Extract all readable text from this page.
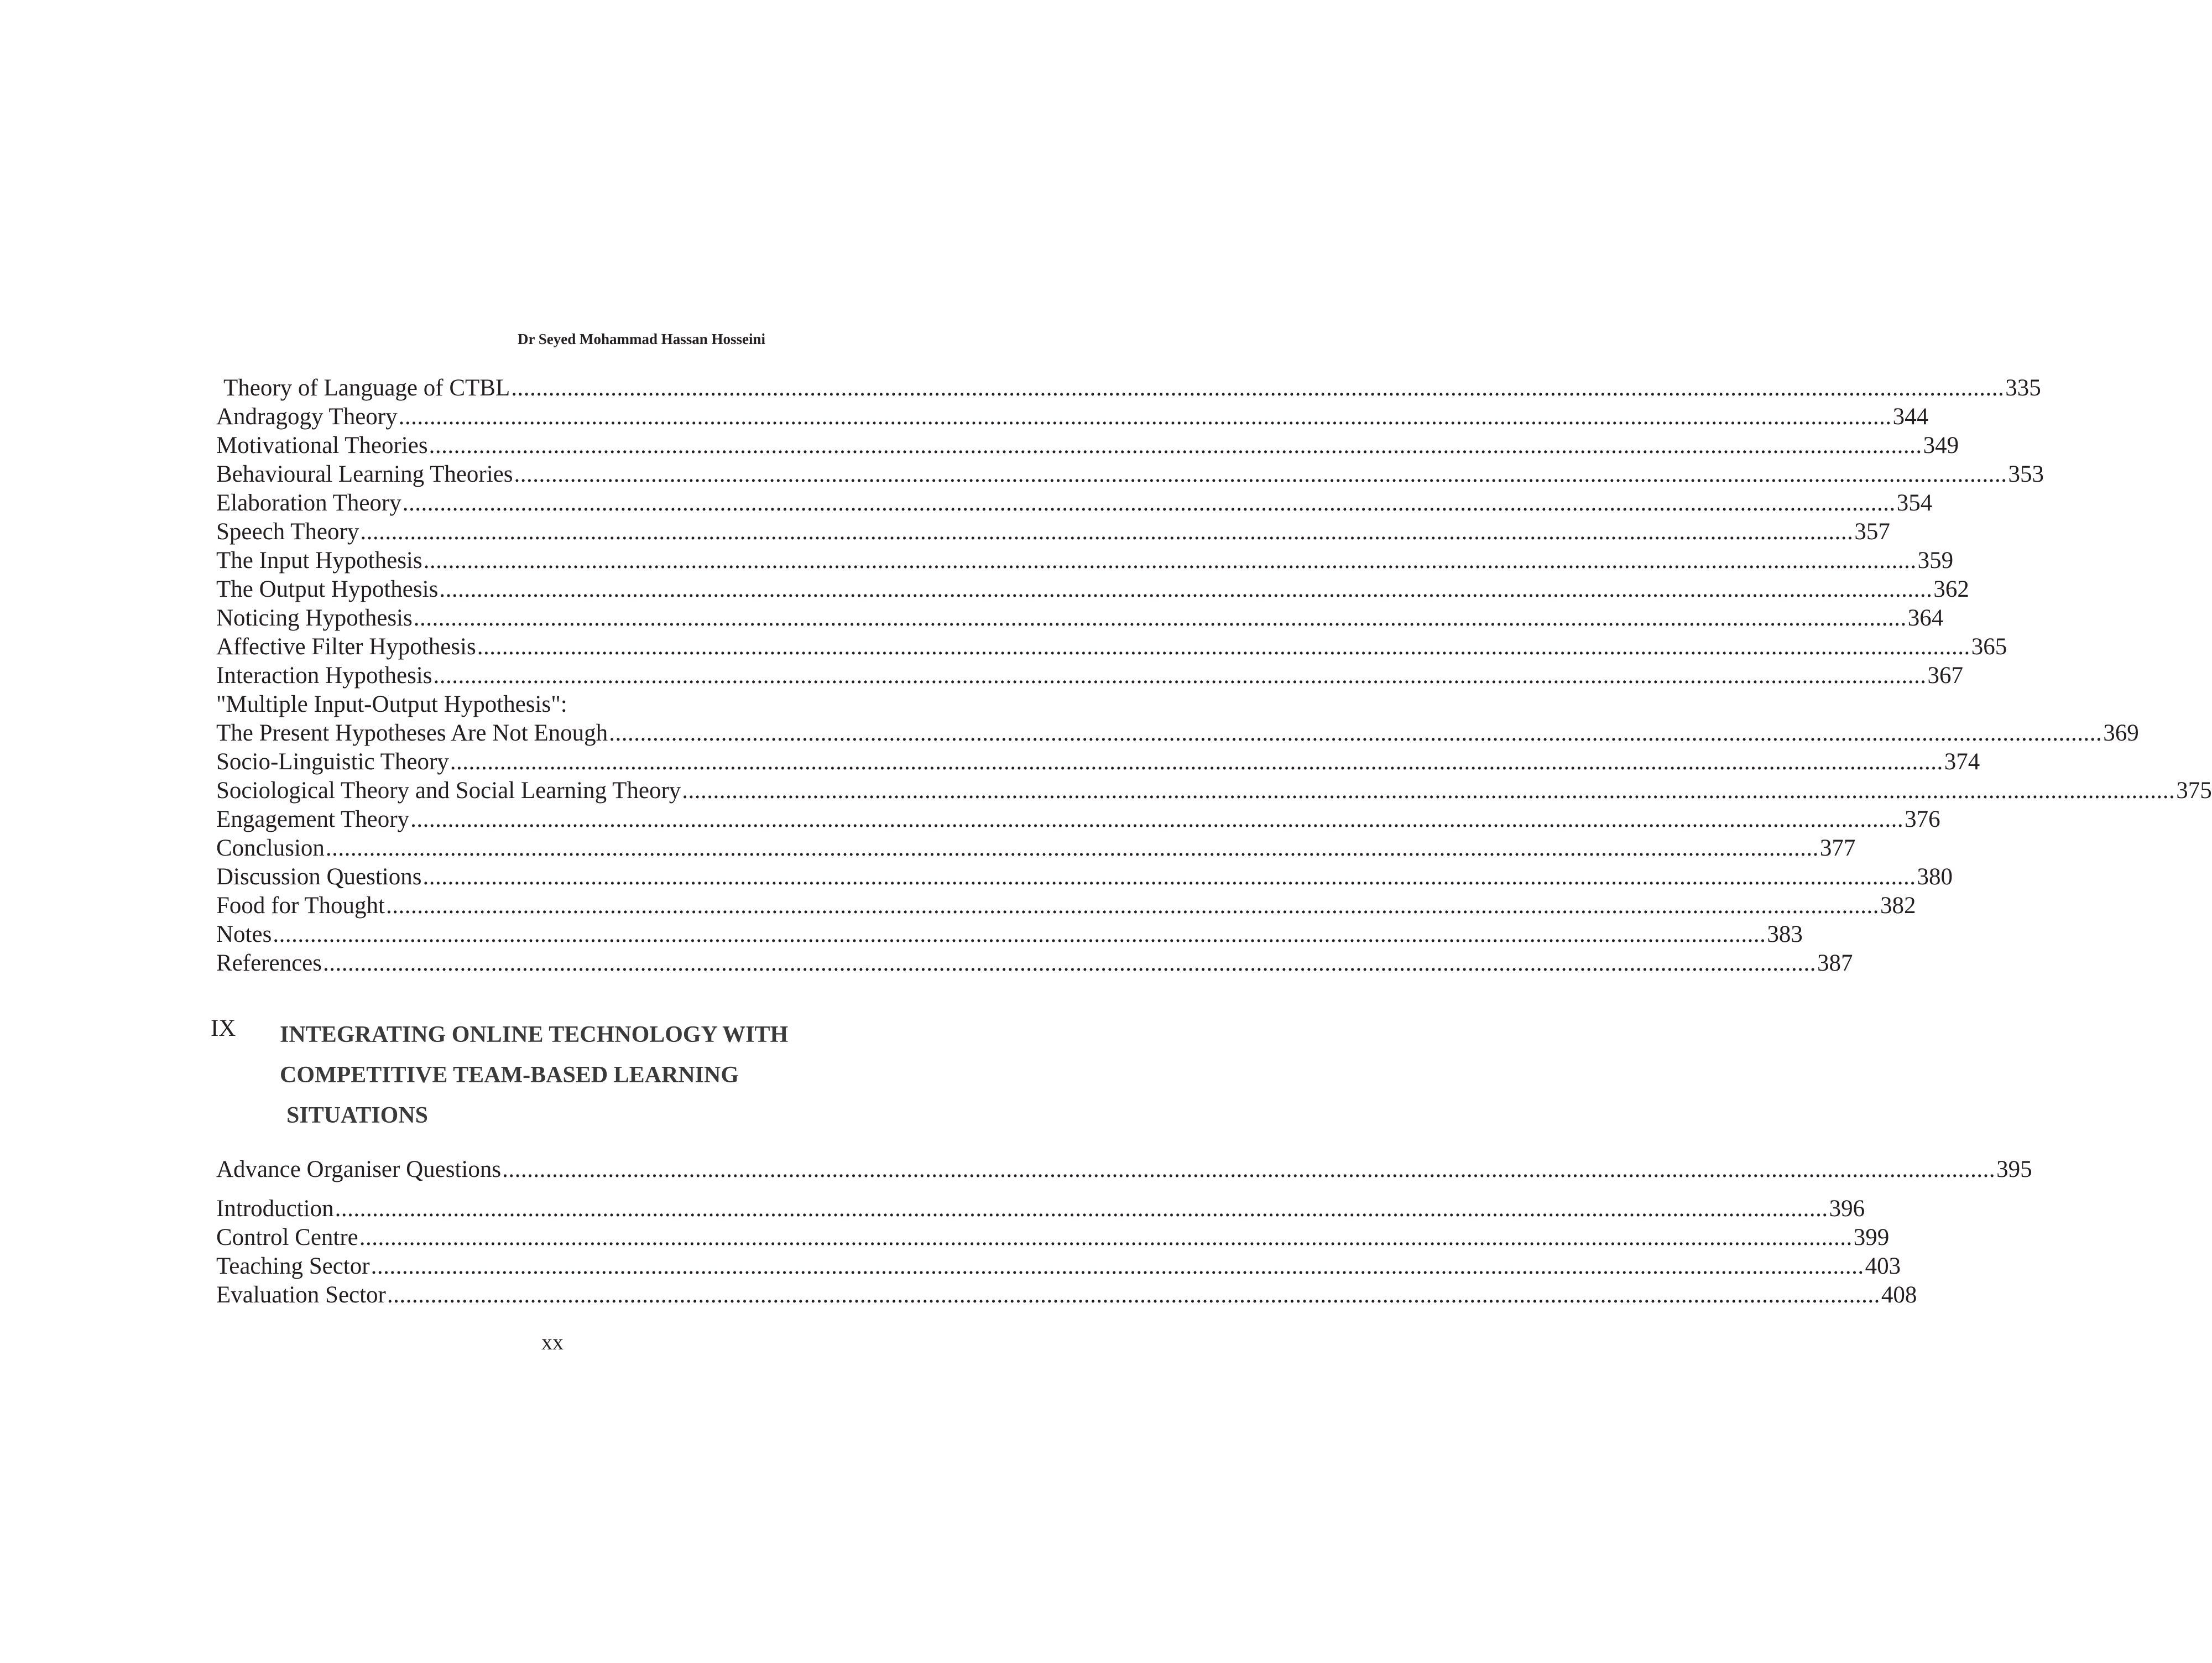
Dr Seyed Mohammad Hassan Hosseini
Theory of Language of CTBL ................................................................................................................................................................................................................................................ 335
Andragogy Theory ................................................................................................................................................................................................................................................ 344
Motivational Theories ................................................................................................................................................................................................................................................ 349
Behavioural Learning Theories ................................................................................................................................................................................................................................................ 353
Elaboration Theory ................................................................................................................................................................................................................................................ 354
Speech Theory ................................................................................................................................................................................................................................................ 357
The Input Hypothesis ................................................................................................................................................................................................................................................ 359
The Output Hypothesis ................................................................................................................................................................................................................................................ 362
Noticing Hypothesis ................................................................................................................................................................................................................................................ 364
Affective Filter Hypothesis ................................................................................................................................................................................................................................................ 365
Interaction Hypothesis ................................................................................................................................................................................................................................................ 367
"Multiple Input-Output Hypothesis":
The Present Hypotheses Are Not Enough ................................................................................................................................................................................................................................................ 369
Socio-Linguistic Theory ................................................................................................................................................................................................................................................ 374
Sociological Theory and Social Learning Theory ................................................................................................................................................................................................................................................ 375
Engagement Theory ................................................................................................................................................................................................................................................ 376
Conclusion ................................................................................................................................................................................................................................................ 377
Discussion Questions ................................................................................................................................................................................................................................................ 380
Food for Thought ................................................................................................................................................................................................................................................ 382
Notes ................................................................................................................................................................................................................................................ 383
References ................................................................................................................................................................................................................................................ 387
IX INTEGRATING ONLINE TECHNOLOGY WITH
COMPETITIVE TEAM-BASED LEARNING
SITUATIONS
Advance Organiser Questions ................................................................................................................................................................................................................................................ 395
Introduction ................................................................................................................................................................................................................................................ 396
Control Centre ................................................................................................................................................................................................................................................ 399
Teaching Sector ................................................................................................................................................................................................................................................ 403
Evaluation Sector ................................................................................................................................................................................................................................................ 408
xx
